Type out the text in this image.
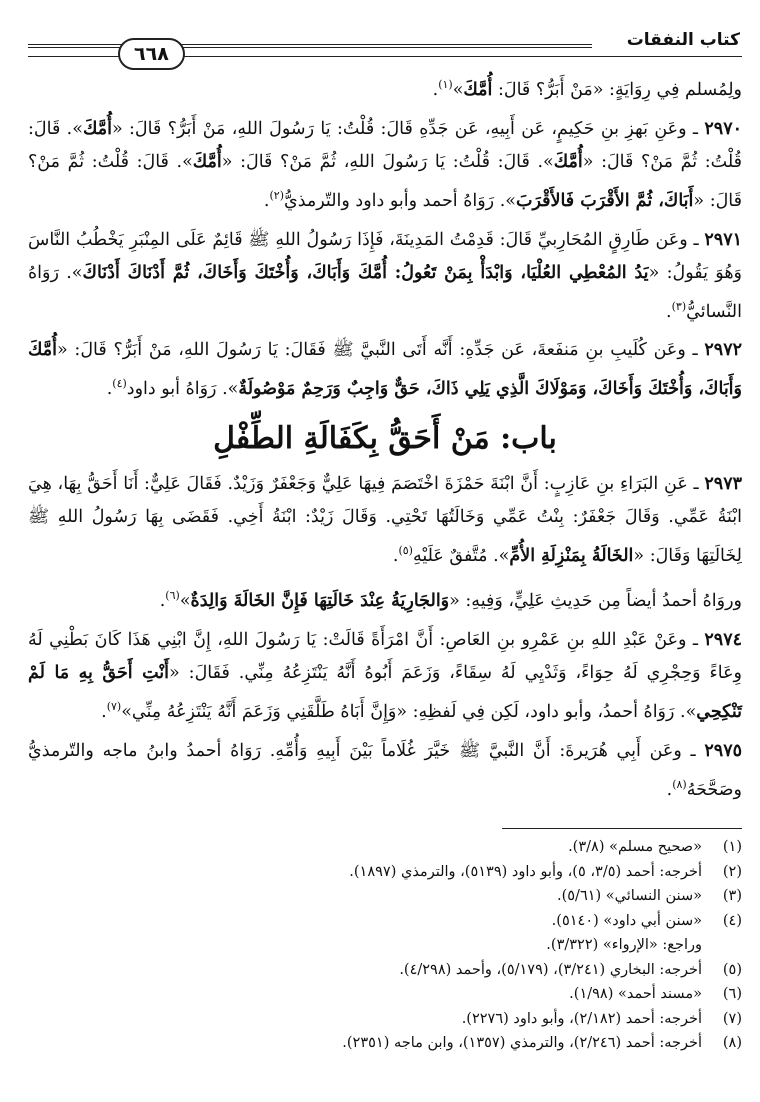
كتاب النفقات
٦٦٨

ولِمُسلم فِي رِوَايَةٍ: «مَنْ أَبَرُّ؟ قَالَ: أُمَّكَ»$^{(١)}$.

٢٩٧٠ ـ وعَنِ بَهزِ بنِ حَكِيمٍ، عَن أَبِيهِ، عَن جَدِّهِ قَالَ: قُلْتُ: يَا رَسُولَ اللهِ، مَنْ أَبَرُّ؟ قَالَ: «أُمَّكَ». قَالَ: قُلْتُ: ثُمَّ مَنْ؟ قَالَ: «أُمَّكَ». قَالَ: قُلْتُ: يَا رَسُولَ اللهِ، ثُمَّ مَنْ؟ قَالَ: «أُمَّكَ». قَالَ: قُلْتُ: ثُمَّ مَنْ؟ قَالَ: «أَبَاكَ، ثُمَّ الأَقْرَبَ فَالأَقْرَبَ». رَوَاهُ أحمد وأبو داود والتّرمذيُّ$^{(٢)}$.

٢٩٧١ ـ وعَن طَارِقٍ المُحَارِبيِّ قَالَ: قَدِمْتُ المَدِينَةَ، فَإِذَا رَسُولُ اللهِ ﷺ قَائِمٌ عَلَى المِنْبَرِ يَخْطُبُ النَّاسَ وَهُوَ يَقُولُ: «يَدُ المُعْطِي العُلْيَا، وَابْدَأْ بِمَنْ تَعُولُ: أُمَّكَ وَأَبَاكَ، وَأُخْتَكَ وَأَخَاكَ، ثُمَّ أَدْنَاكَ أَدْنَاكَ». رَوَاهُ النَّسائيُّ$^{(٣)}$.

٢٩٧٢ ـ وعَن كُلَيبِ بنِ مَنفَعةَ، عَن جَدِّهِ: أَنَّه أَتَى النَّبيَّ ﷺ فَقَالَ: يَا رَسُولَ اللهِ، مَنْ أَبَرُّ؟ قَالَ: «أُمَّكَ وَأَبَاكَ، وَأُخْتَكَ وَأَخَاكَ، وَمَوْلَاكَ الَّذِي يَلِي ذَاكَ، حَقٌّ وَاجِبٌ وَرَحِمٌ مَوْصُولَةٌ». رَوَاهُ أبو داود$^{(٤)}$.

باب: مَنْ أَحَقُّ بِكَفَالَةِ الطِّفْلِ

٢٩٧٣ ـ عَنِ البَرَاءِ بنِ عَازِبٍ: أَنَّ ابْنَةَ حَمْزَةَ اخْتَصَمَ فِيهَا عَلِيٌّ وَجَعْفَرٌ وَزَيْدٌ. فَقَالَ عَلِيٌّ: أَنَا أَحَقُّ بِهَا، هِيَ ابْنَةُ عَمِّي. وَقَالَ جَعْفَرٌ: بِنْتُ عَمِّي وَخَالَتُهَا تَحْتِي. وَقَالَ زَيْدٌ: ابْنَةُ أَخِي. فَقَضَى بِهَا رَسُولُ اللهِ ﷺ لِخَالَتِهَا وَقَالَ: «الخَالَةُ بِمَنْزِلَةِ الأُمِّ». مُتَّفقٌ عَلَيْهِ$^{(٥)}$.

وروَاهُ أحمدُ أيضاً مِن حَدِيثِ عَلِيٍّ، وَفِيهِ: «وَالجَارِيَةُ عِنْدَ خَالَتِهَا فَإِنَّ الخَالَةَ وَالِدَةٌ»$^{(٦)}$.

٢٩٧٤ ـ وعَنْ عَبْدِ اللهِ بنِ عَمْرِو بنِ العَاصِ: أَنَّ امْرَأَةً قَالَتْ: يَا رَسُولَ اللهِ، إِنَّ ابْنِي هَذَا كَانَ بَطْنِي لَهُ وِعَاءً وَحِجْرِي لَهُ حِوَاءً، وَثَدْيِي لَهُ سِقَاءً، وَزَعَمَ أَبُوهُ أَنَّهُ يَنْتَزِعُهُ مِنِّي. فَقَالَ: «أَنْتِ أَحَقُّ بِهِ مَا لَمْ تَنْكِحِي». رَوَاهُ أحمدُ، وأبو داود، لَكِن فِي لَفظِهِ: «وَإِنَّ أَبَاهُ طَلَّقَنِي وَزَعَمَ أَنَّهُ يَنْتَزِعُهُ مِنِّي»$^{(٧)}$.

٢٩٧٥ ـ وعَن أَبِي هُرَيرةَ: أَنَّ النَّبيَّ ﷺ خَيَّرَ غُلَاماً بَيْنَ أَبِيهِ وَأُمِّهِ. رَوَاهُ أحمدُ وابنُ ماجه والتّرمذيُّ وصَحَّحَهُ$^{(٨)}$.

(١)
«صحيح مسلم» (٣/٨).
(٢)
أخرجه: أحمد (٣/٥، ٥)، وأبو داود (٥١٣٩)، والترمذي (١٨٩٧).
(٣)
«سنن النسائي» (٥/٦١).
(٤)
«سنن أبي داود» (٥١٤٠).
وراجع: «الإرواء» (٣/٣٢٢).
(٥)
أخرجه: البخاري (٣/٢٤١)، (٥/١٧٩)، وأحمد (٤/٢٩٨).
(٦)
«مسند أحمد» (١/٩٨).
(٧)
أخرجه: أحمد (٢/١٨٢)، وأبو داود (٢٢٧٦).
(٨)
أخرجه: أحمد (٢/٢٤٦)، والترمذي (١٣٥٧)، وابن ماجه (٢٣٥١).
